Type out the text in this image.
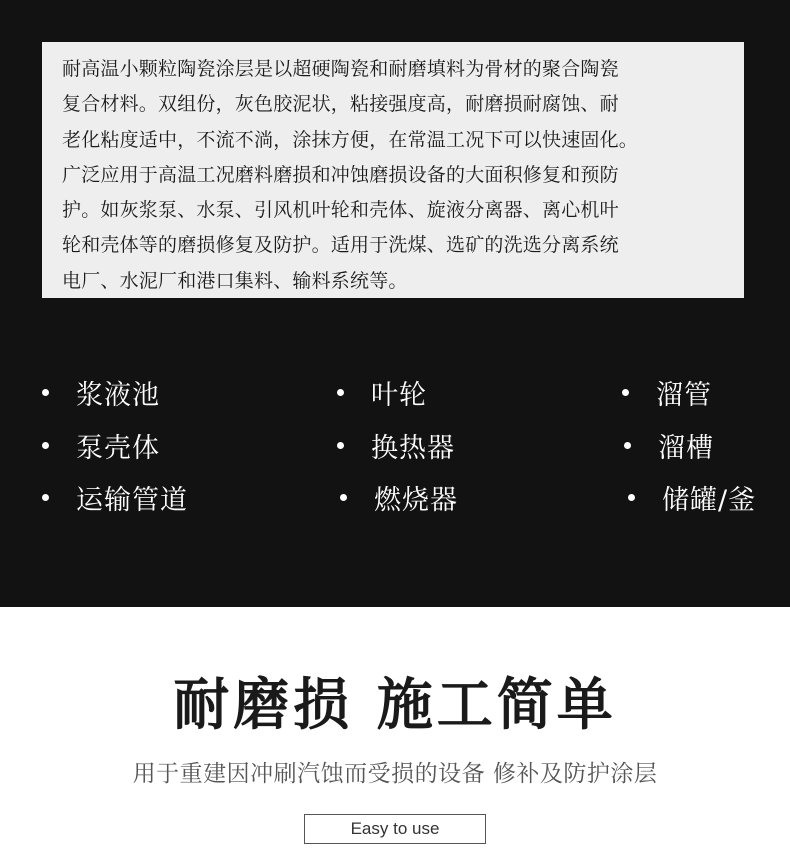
耐高温小颗粒陶瓷涂层是以超硬陶瓷和耐磨填料为骨材的聚合陶瓷
复合材料。双组份，灰色胶泥状，粘接强度高，耐磨损耐腐蚀、耐
老化粘度适中，不流不淌，涂抹方便，在常温工况下可以快速固化。
广泛应用于高温工况磨料磨损和冲蚀磨损设备的大面积修复和预防
护。如灰浆泵、水泵、引风机叶轮和壳体、旋液分离器、离心机叶
轮和壳体等的磨损修复及防护。适用于洗煤、选矿的洗选分离系统
电厂、水泥厂和港口集料、输料系统等。
浆液池	叶轮	溜管
泵壳体	换热器	溜槽
运输管道	燃烧器	储罐/釜
耐磨损 施工简单
用于重建因冲刷汽蚀而受损的设备 修补及防护涂层
Easy to use
